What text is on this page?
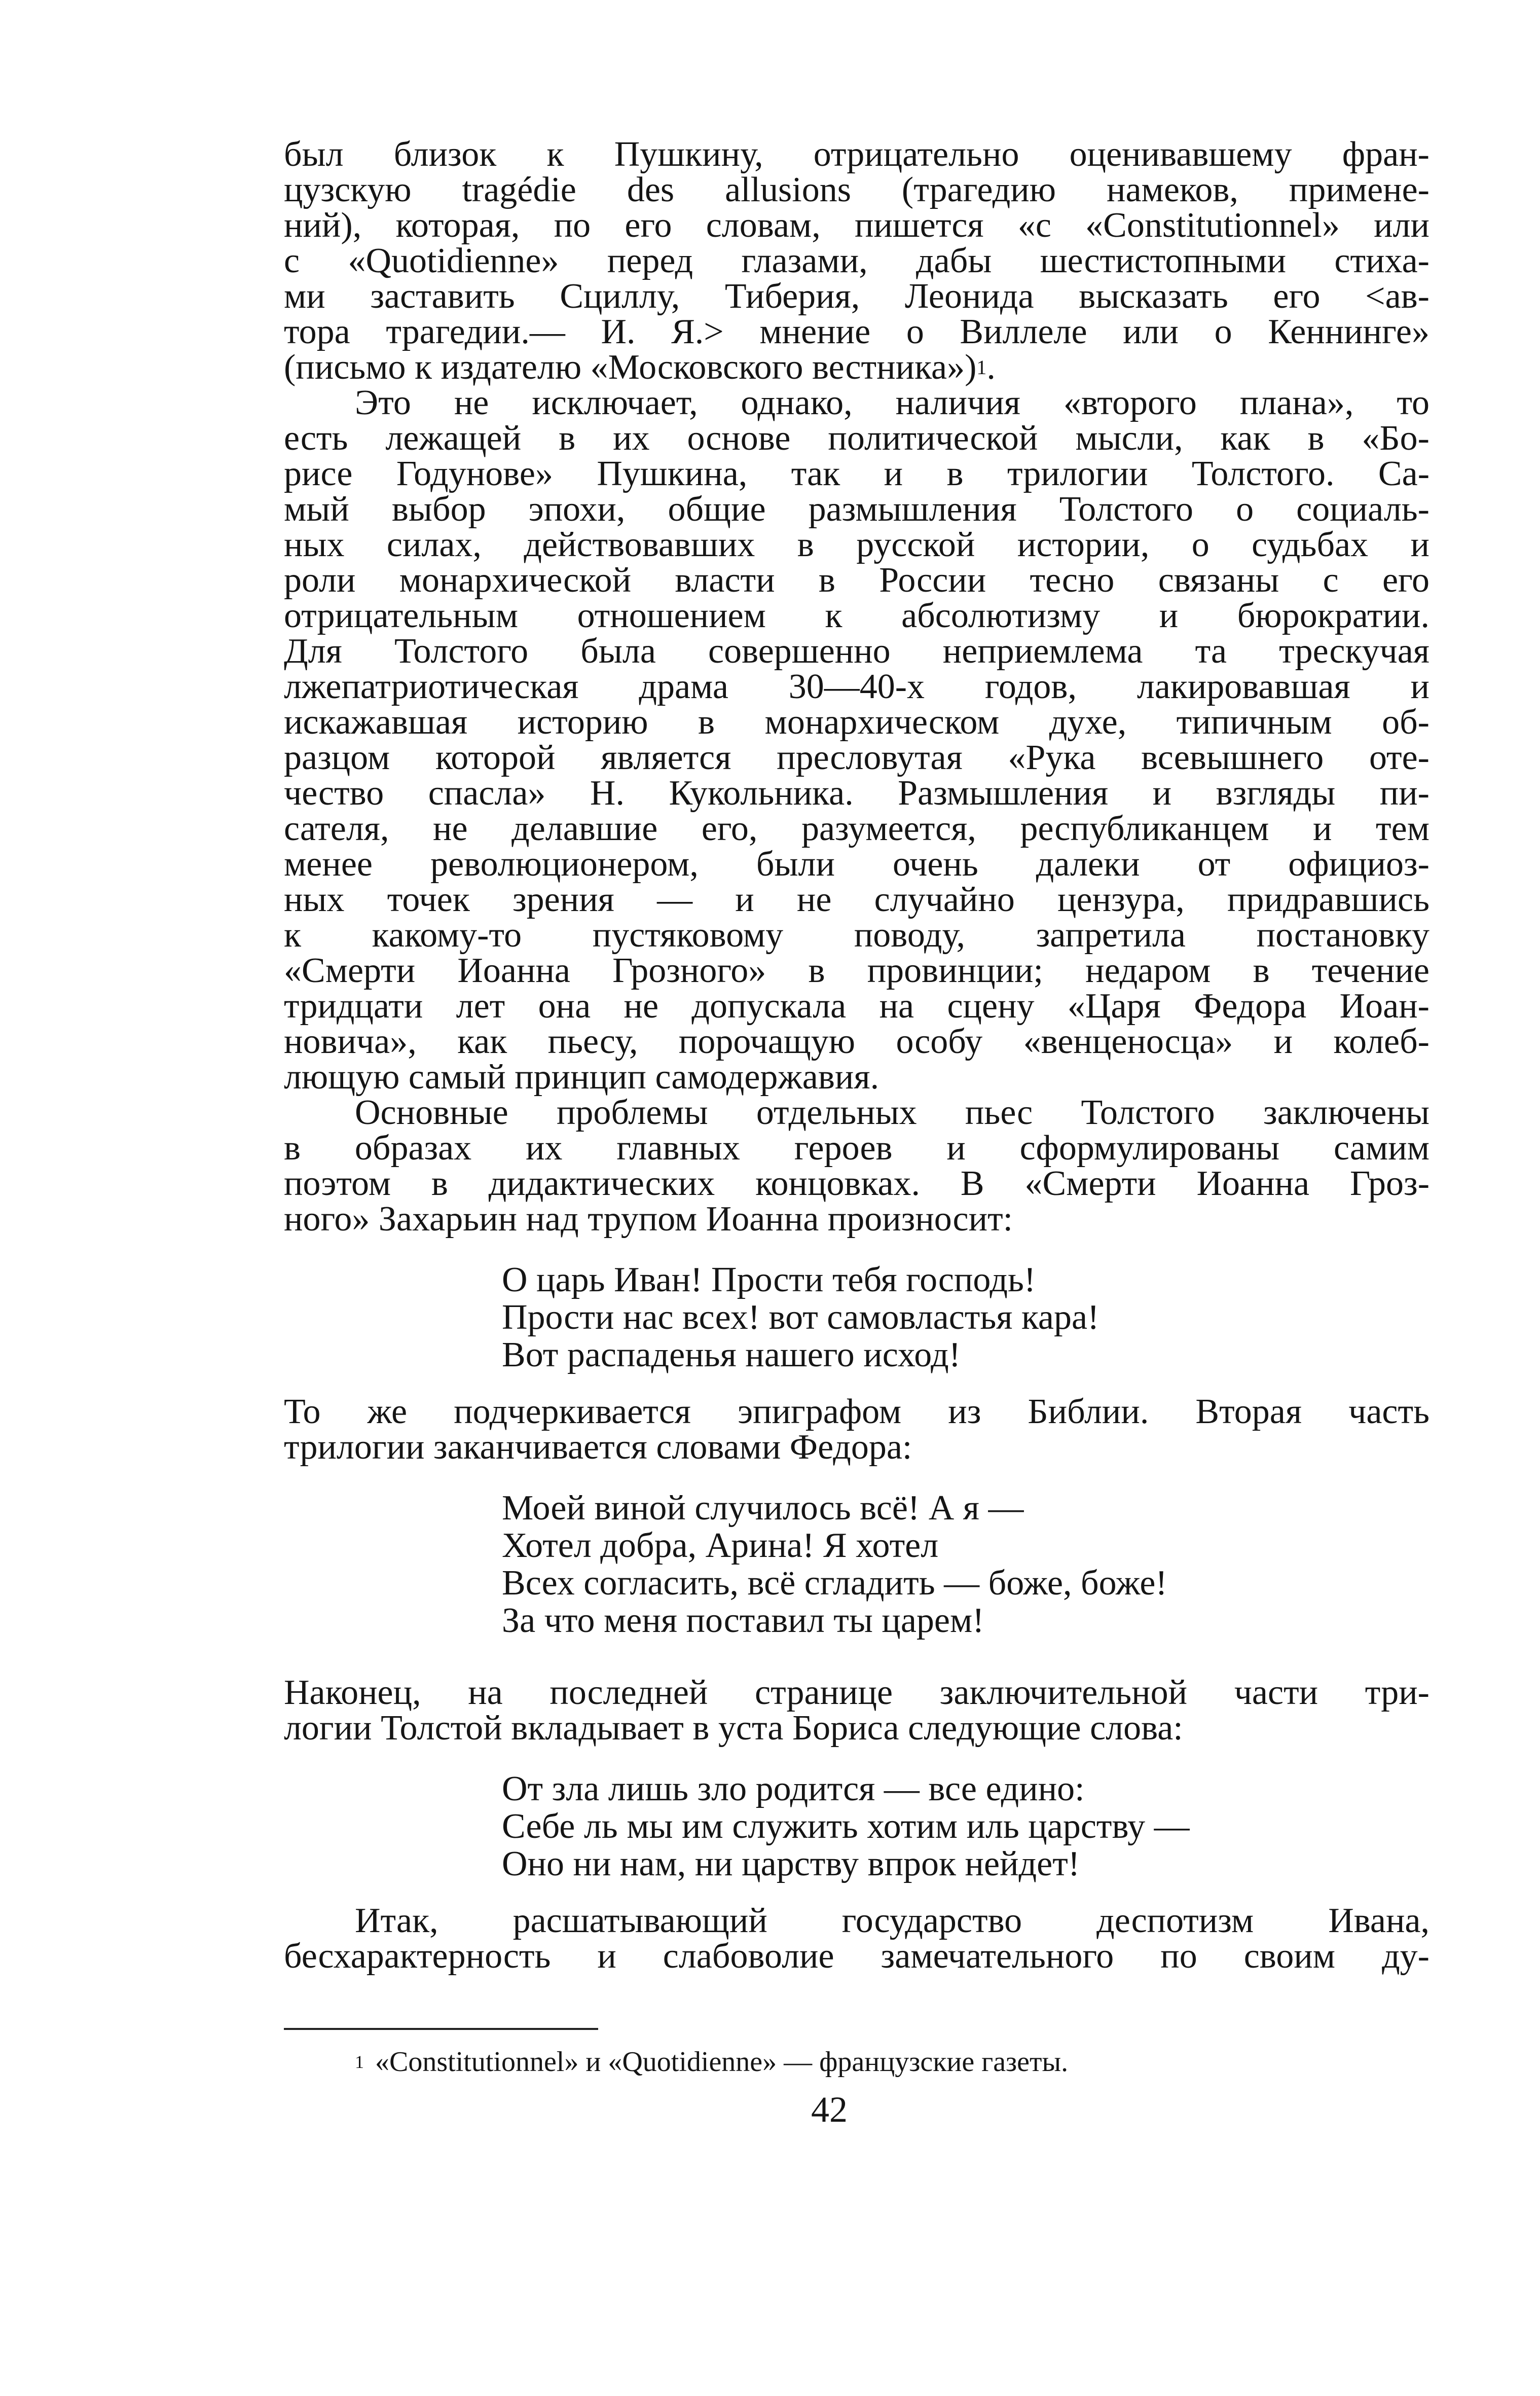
был близок к Пушкину, отрицательно оценивавшему фран-
цузскую tragédie des allusions (трагедию намеков, примене-
ний), которая, по его словам, пишется «с «Constitutionnel» или
с «Quotidienne» перед глазами, дабы шестистопными стиха-
ми заставить Сциллу, Тиберия, Леонида высказать его <ав-
тора трагедии.— И. Я.> мнение о Виллеле или о Кеннинге»
(письмо к издателю «Московского вестника»)$^1$.

Это не исключает, однако, наличия «второго плана», то
есть лежащей в их основе политической мысли, как в «Бо-
рисе Годунове» Пушкина, так и в трилогии Толстого. Са-
мый выбор эпохи, общие размышления Толстого о социаль-
ных силах, действовавших в русской истории, о судьбах и
роли монархической власти в России тесно связаны с его
отрицательным отношением к абсолютизму и бюрократии.
Для Толстого была совершенно неприемлема та трескучая
лжепатриотическая драма 30—40-х годов, лакировавшая и
искажавшая историю в монархическом духе, типичным об-
разцом которой является пресловутая «Рука всевышнего оте-
чество спасла» Н. Кукольника. Размышления и взгляды пи-
сателя, не делавшие его, разумеется, республиканцем и тем
менее революционером, были очень далеки от официоз-
ных точек зрения — и не случайно цензура, придравшись
к какому-то пустяковому поводу, запретила постановку
«Смерти Иоанна Грозного» в провинции; недаром в течение
тридцати лет она не допускала на сцену «Царя Федора Иоан-
новича», как пьесу, порочащую особу «венценосца» и колеб-
лющую самый принцип самодержавия.

Основные проблемы отдельных пьес Толстого заключены
в образах их главных героев и сформулированы самим
поэтом в дидактических концовках. В «Смерти Иоанна Гроз-
ного» Захарьин над трупом Иоанна произносит:

О царь Иван! Прости тебя господь!
Прости нас всех! вот самовластья кара!
Вот распаденья нашего исход!

То же подчеркивается эпиграфом из Библии. Вторая часть
трилогии заканчивается словами Федора:

Моей виной случилось всё! А я —
Хотел добра, Арина! Я хотел
Всех согласить, всё сгладить — боже, боже!
За что меня поставил ты царем!

Наконец, на последней странице заключительной части три-
логии Толстой вкладывает в уста Бориса следующие слова:

От зла лишь зло родится — все едино:
Себе ль мы им служить хотим иль царству —
Оно ни нам, ни царству впрок нейдет!

Итак, расшатывающий государство деспотизм Ивана,
бесхарактерность и слабоволие замечательного по своим ду-

$^1$ «Constitutionnel» и «Quotidienne» — французские газеты.
42
